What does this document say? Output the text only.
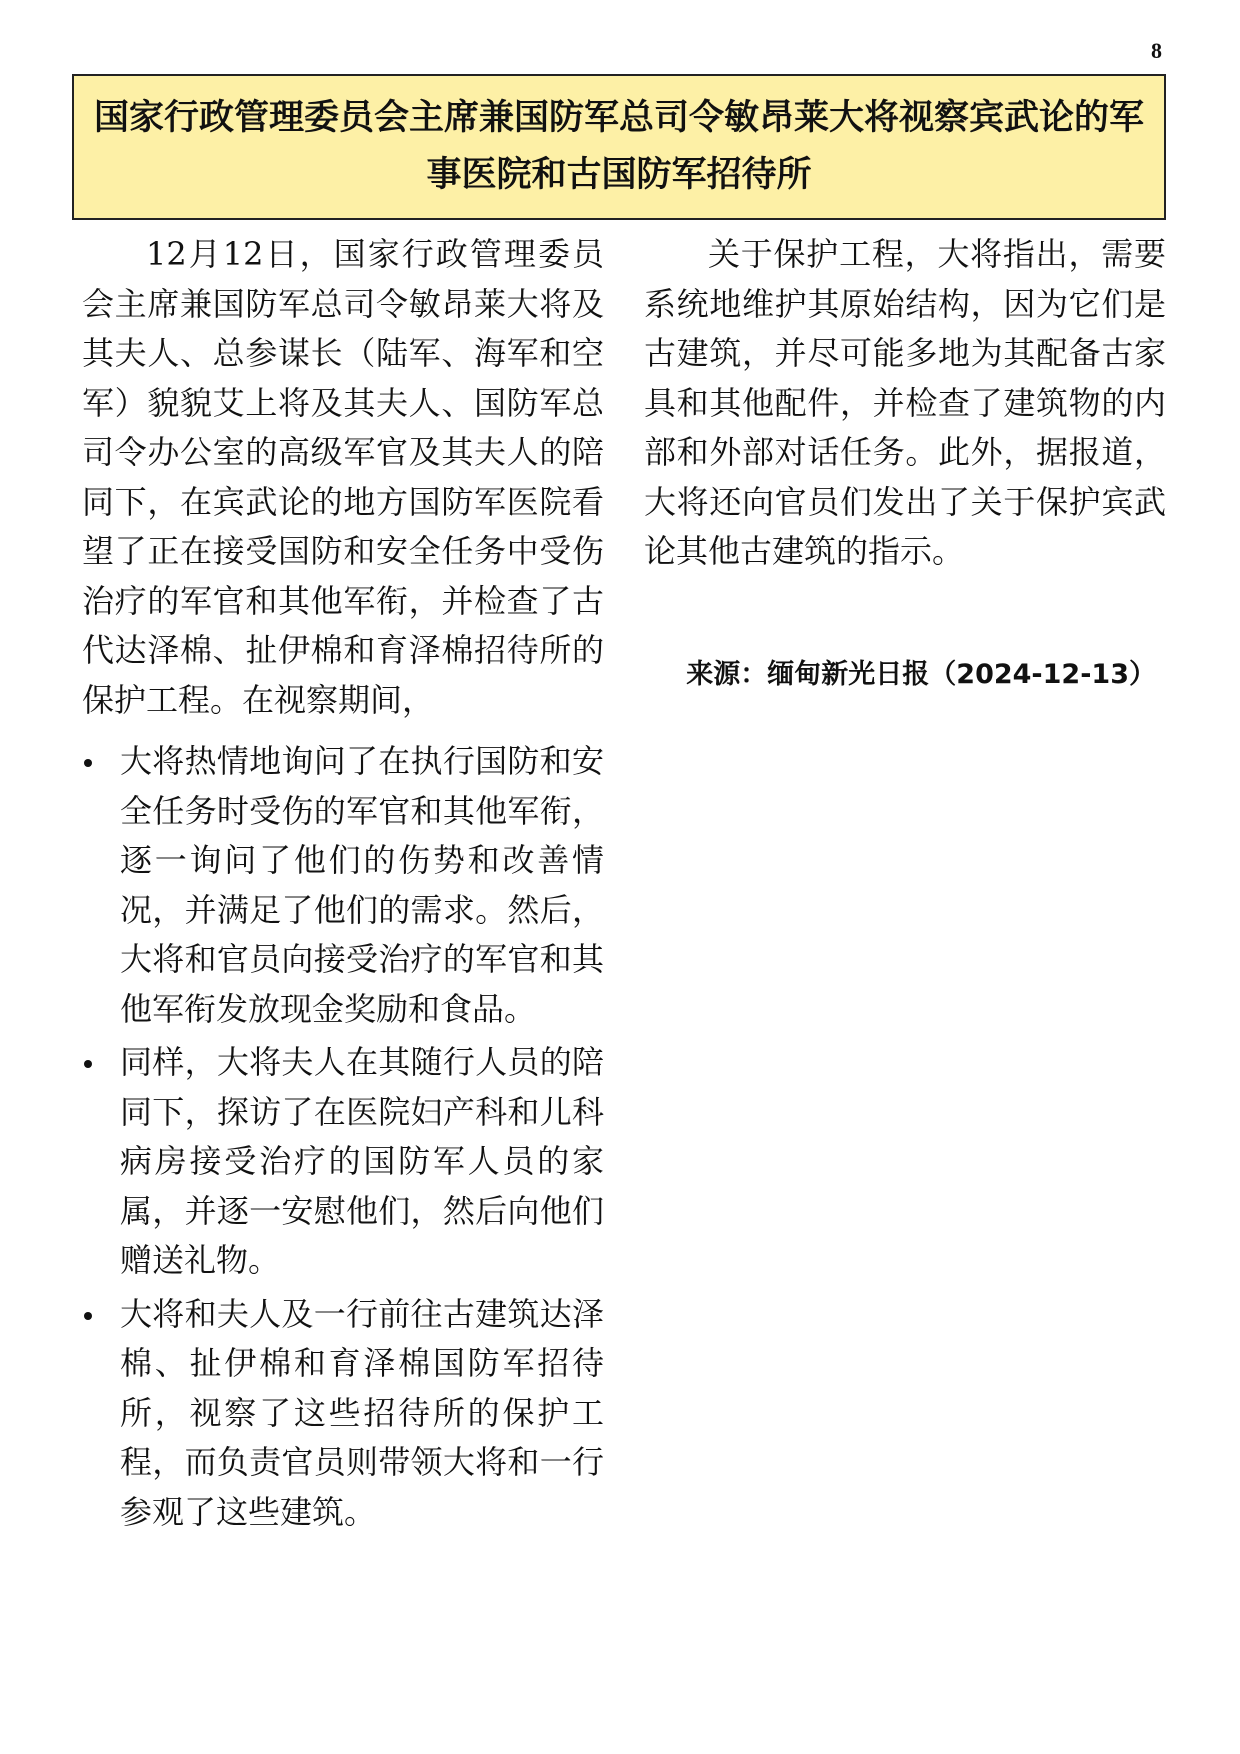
8
国家行政管理委员会主席兼国防军总司令敏昂莱大将视察宾武论的军事医院和古国防军招待所

12月12日，国家行政管理委员会主席兼国防军总司令敏昂莱大将及其夫人、总参谋长（陆军、海军和空军）貌貌艾上将及其夫人、国防军总司令办公室的高级军官及其夫人的陪同下，在宾武论的地方国防军医院看望了正在接受国防和安全任务中受伤治疗的军官和其他军衔，并检查了古代达泽棉、扯伊棉和育泽棉招待所的保护工程。在视察期间，

大将热情地询问了在执行国防和安全任务时受伤的军官和其他军衔，逐一询问了他们的伤势和改善情况，并满足了他们的需求。然后，大将和官员向接受治疗的军官和其他军衔发放现金奖励和食品。
同样，大将夫人在其随行人员的陪同下，探访了在医院妇产科和儿科病房接受治疗的国防军人员的家属，并逐一安慰他们，然后向他们赠送礼物。
大将和夫人及一行前往古建筑达泽棉、扯伊棉和育泽棉国防军招待所，视察了这些招待所的保护工程，而负责官员则带领大将和一行参观了这些建筑。

关于保护工程，大将指出，需要系统地维护其原始结构，因为它们是古建筑，并尽可能多地为其配备古家具和其他配件，并检查了建筑物的内部和外部对话任务。此外，据报道，大将还向官员们发出了关于保护宾武论其他古建筑的指示。

来源：缅甸新光日报（2024-12-13）
